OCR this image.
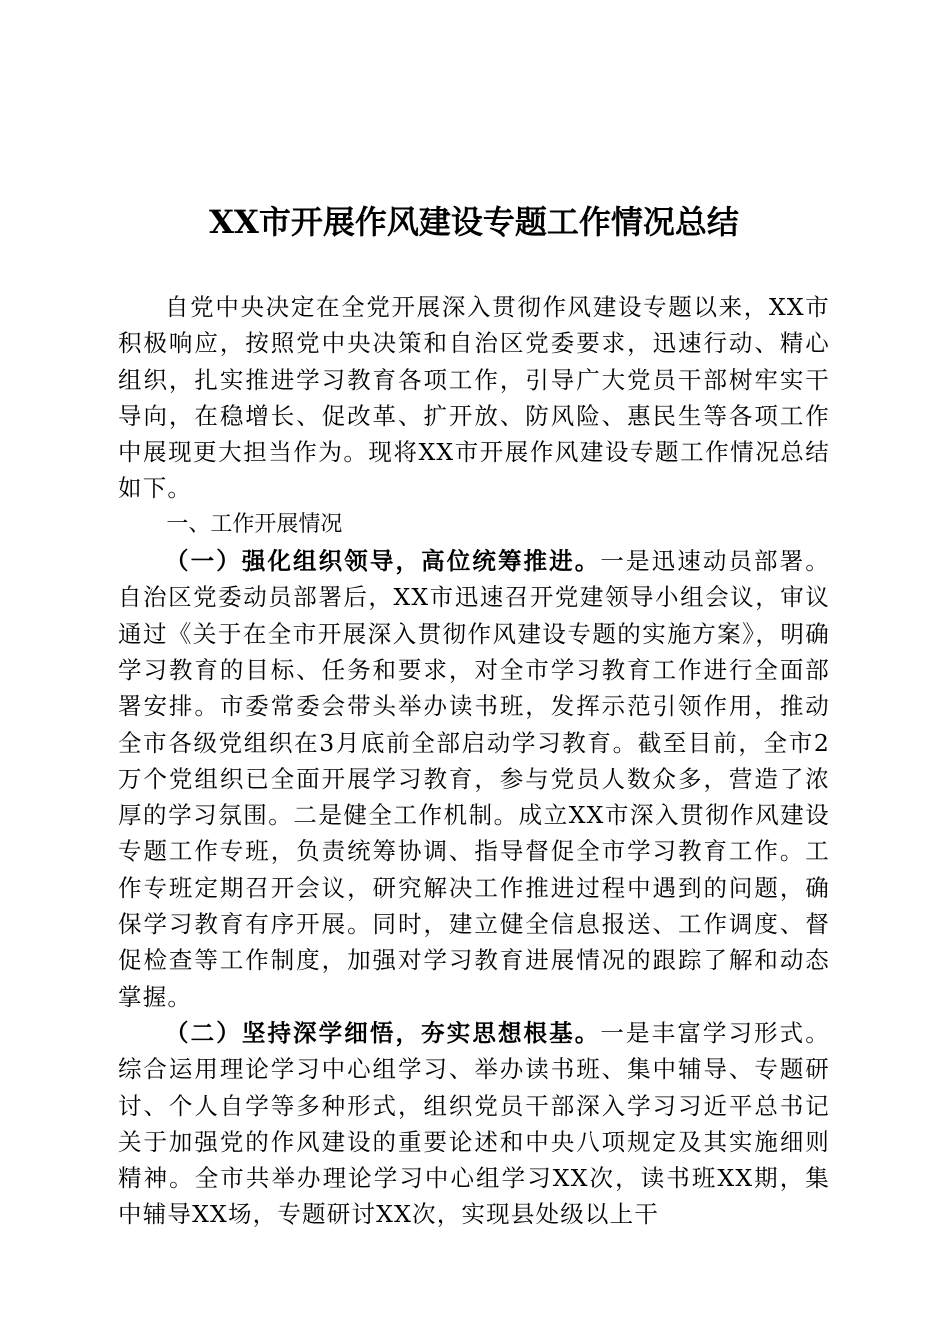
XX市开展作风建设专题工作情况总结

自党中央决定在全党开展深入贯彻作风建设专题以来，XX市积极响应，按照党中央决策和自治区党委要求，迅速行动、精心组织，扎实推进学习教育各项工作，引导广大党员干部树牢实干导向，在稳增长、促改革、扩开放、防风险、惠民生等各项工作中展现更大担当作为。现将XX市开展作风建设专题工作情况总结如下。

一、工作开展情况

（一）强化组织领导，高位统筹推进。一是迅速动员部署。自治区党委动员部署后，XX市迅速召开党建领导小组会议，审议通过《关于在全市开展深入贯彻作风建设专题的实施方案》，明确学习教育的目标、任务和要求，对全市学习教育工作进行全面部署安排。市委常委会带头举办读书班，发挥示范引领作用，推动全市各级党组织在3月底前全部启动学习教育。截至目前，全市2万个党组织已全面开展学习教育，参与党员人数众多，营造了浓厚的学习氛围。二是健全工作机制。成立XX市深入贯彻作风建设专题工作专班，负责统筹协调、指导督促全市学习教育工作。工作专班定期召开会议，研究解决工作推进过程中遇到的问题，确保学习教育有序开展。同时，建立健全信息报送、工作调度、督促检查等工作制度，加强对学习教育进展情况的跟踪了解和动态掌握。

（二）坚持深学细悟，夯实思想根基。一是丰富学习形式。综合运用理论学习中心组学习、举办读书班、集中辅导、专题研讨、个人自学等多种形式，组织党员干部深入学习习近平总书记关于加强党的作风建设的重要论述和中央八项规定及其实施细则精神。全市共举办理论学习中心组学习XX次，读书班XX期，集中辅导XX场，专题研讨XX次，实现县处级以上干
